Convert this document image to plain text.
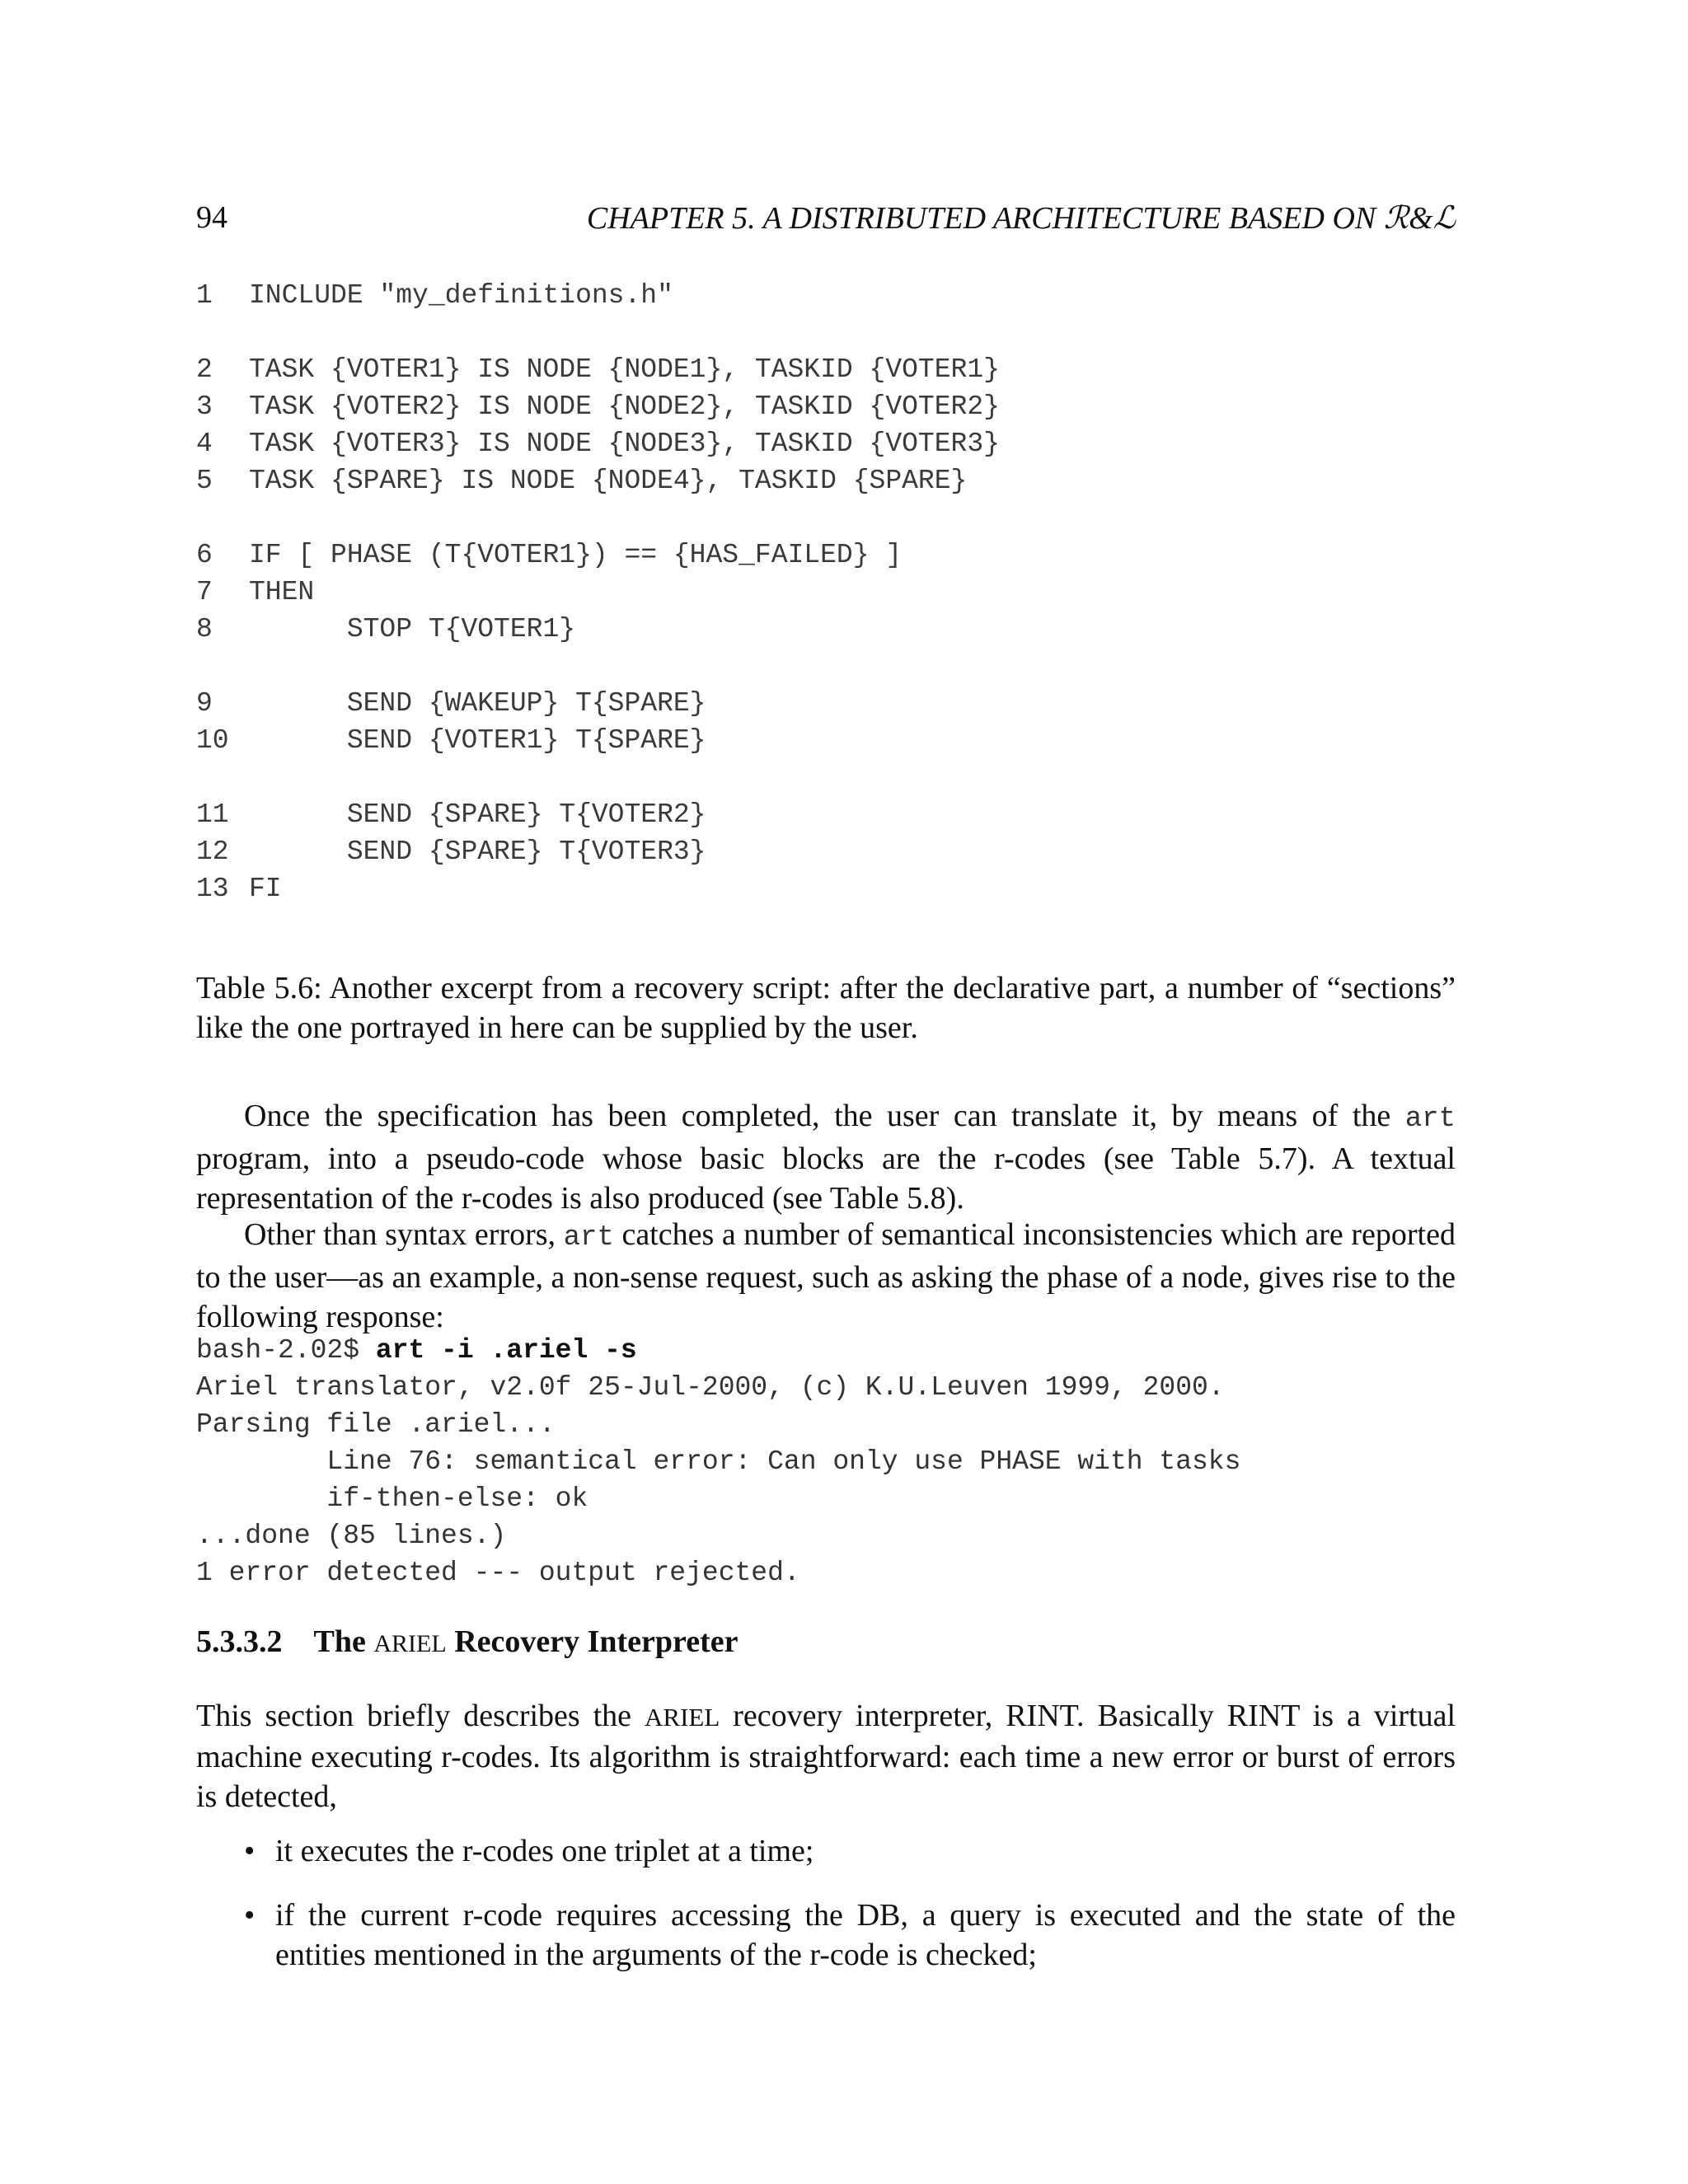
94	CHAPTER 5. A DISTRIBUTED ARCHITECTURE BASED ON ℛ&ℒ
1	INCLUDE "my_definitions.h"
2	TASK {VOTER1} IS NODE {NODE1}, TASKID {VOTER1}
3	TASK {VOTER2} IS NODE {NODE2}, TASKID {VOTER2}
4	TASK {VOTER3} IS NODE {NODE3}, TASKID {VOTER3}
5	TASK {SPARE} IS NODE {NODE4}, TASKID {SPARE}
6	IF [ PHASE (T{VOTER1}) == {HAS_FAILED} ]
7	THEN
8	STOP T{VOTER1}
9	SEND {WAKEUP} T{SPARE}
10 SEND {VOTER1} T{SPARE}
11 SEND {SPARE} T{VOTER2}
12 SEND {SPARE} T{VOTER3}
13 FI
Table 5.6: Another excerpt from a recovery script: after the declarative part, a number of “sections” like the one portrayed in here can be supplied by the user.
Once the specification has been completed, the user can translate it, by means of the art program, into a pseudo-code whose basic blocks are the r-codes (see Table 5.7). A textual representation of the r-codes is also produced (see Table 5.8).
Other than syntax errors, art catches a number of semantical inconsistencies which are reported to the user—as an example, a non-sense request, such as asking the phase of a node, gives rise to the following response:
bash-2.02$ art -i .ariel -s
Ariel translator, v2.0f 25-Jul-2000, (c) K.U.Leuven 1999, 2000.
Parsing file .ariel...
Line 76: semantical error: Can only use PHASE with tasks
if-then-else: ok
...done (85 lines.)
1 error detected --- output rejected.
5.3.3.2 The ARIEL Recovery Interpreter
This section briefly describes the ARIEL recovery interpreter, RINT. Basically RINT is a virtual machine executing r-codes. Its algorithm is straightforward: each time a new error or burst of errors is detected,
• it executes the r-codes one triplet at a time;
• if the current r-code requires accessing the DB, a query is executed and the state of the entities mentioned in the arguments of the r-code is checked;
